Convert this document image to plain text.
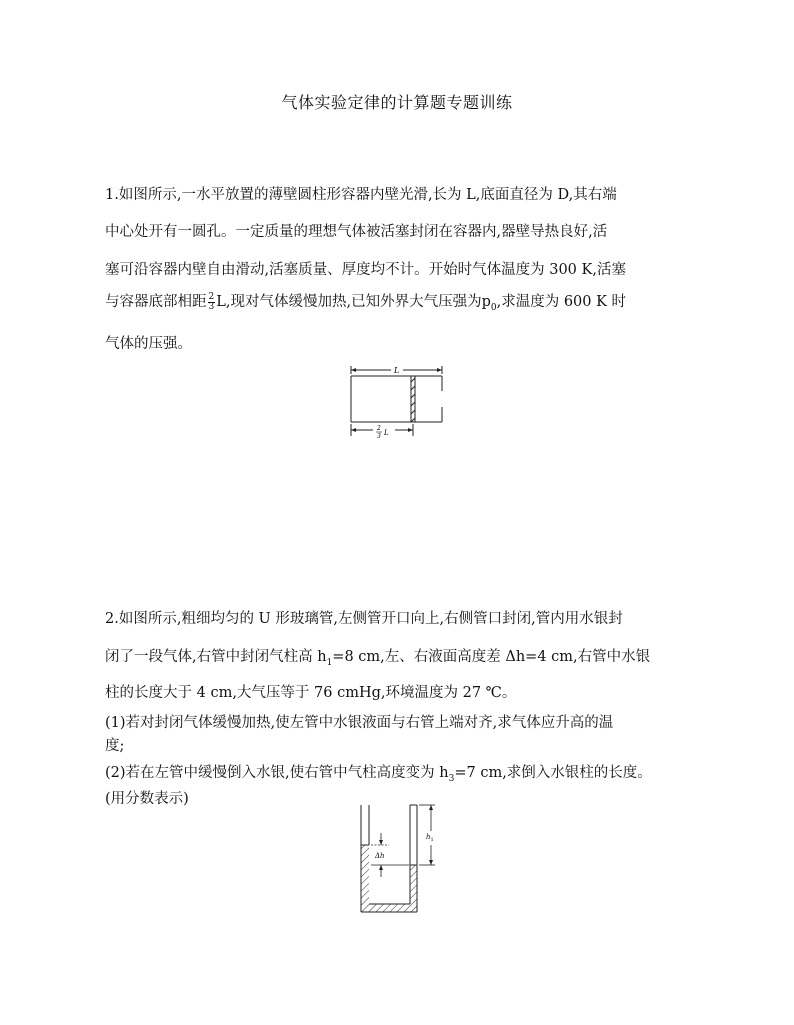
气体实验定律的计算题专题训练
1.如图所示,一水平放置的薄壁圆柱形容器内壁光滑,长为 L,底面直径为 D,其右端
中心处开有一圆孔。一定质量的理想气体被活塞封闭在容器内,器壁导热良好,活
塞可沿容器内壁自由滑动,活塞质量、厚度均不计。开始时气体温度为 300 K,活塞
与容器底部相距 $\frac{2}{3} L$,现对气体缓慢加热,已知外界大气压强为$p_0$,求温度为 600 K 时
气体的压强。
L
2
3 L
2.如图所示,粗细均匀的 U 形玻璃管,左侧管开口向上,右侧管口封闭,管内用水银封
闭了一段气体,右管中封闭气柱高 $h_1=8$ cm,左、右液面高度差 Δh=4 cm,右管中水银
柱的长度大于 4 cm,大气压等于 76 cmHg,环境温度为 27 ℃。
(1)若对封闭气体缓慢加热,使左管中水银液面与右管上端对齐,求气体应升高的温
度;
(2)若在左管中缓慢倒入水银,使右管中气柱高度变为 $h_3=7$ cm,求倒入水银柱的长度。
(用分数表示)
Δh
$h_1$
